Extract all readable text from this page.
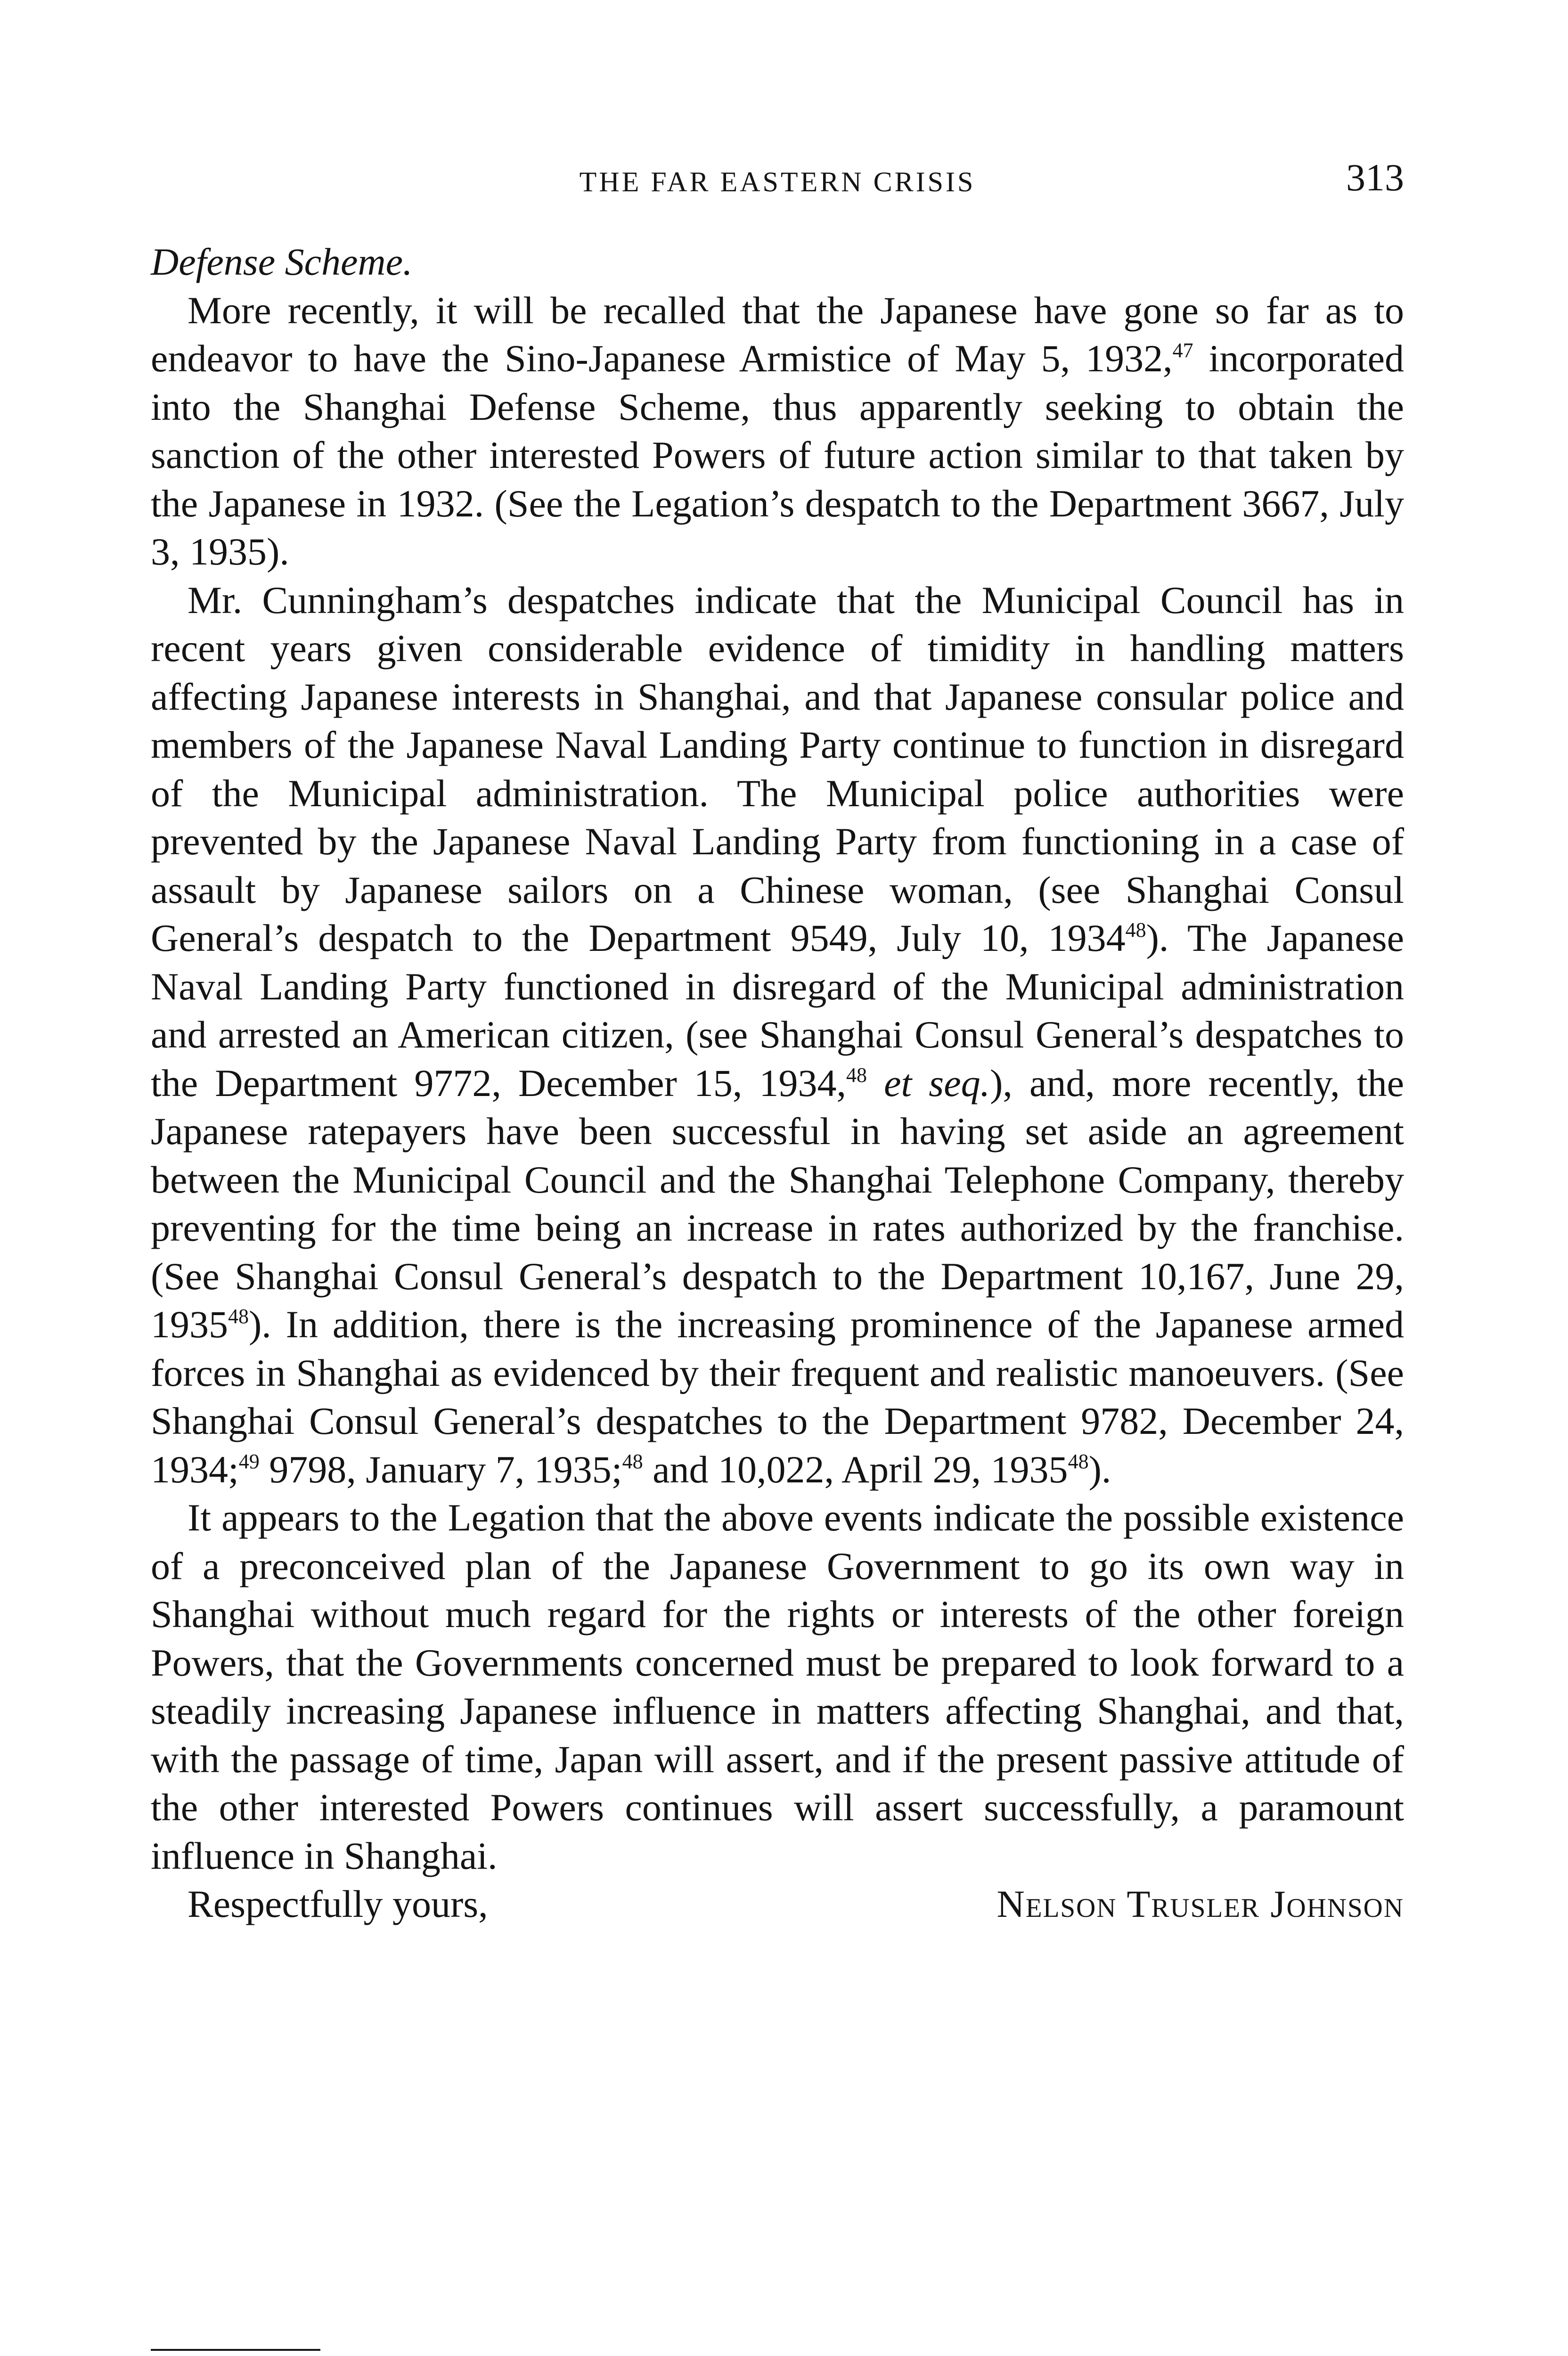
THE FAR EASTERN CRISIS	313

Defense Scheme.

More recently, it will be recalled that the Japanese have gone so far as to endeavor to have the Sino-Japanese Armistice of May 5, 1932,47 incorporated into the Shanghai Defense Scheme, thus apparently seeking to obtain the sanction of the other interested Powers of future action similar to that taken by the Japanese in 1932. (See the Legation’s despatch to the Department 3667, July 3, 1935).

Mr. Cunningham’s despatches indicate that the Municipal Council has in recent years given considerable evidence of timidity in handling matters affecting Japanese interests in Shanghai, and that Japanese consular police and members of the Japanese Naval Landing Party continue to function in disregard of the Municipal administration. The Municipal police authorities were prevented by the Japanese Naval Landing Party from functioning in a case of assault by Japanese sailors on a Chinese woman, (see Shanghai Consul General’s despatch to the Department 9549, July 10, 1934$^{48}$). The Japanese Naval Landing Party functioned in disregard of the Municipal administration and arrested an American citizen, (see Shanghai Consul General’s despatches to the Department 9772, December 15, 1934,48 et seq.), and, more recently, the Japanese ratepayers have been successful in having set aside an agreement between the Municipal Council and the Shanghai Telephone Company, thereby preventing for the time being an increase in rates authorized by the franchise. (See Shanghai Consul General’s despatch to the Department 10,167, June 29, 1935$^{48}$). In addition, there is the increasing prominence of the Japanese armed forces in Shanghai as evidenced by their frequent and realistic manoeuvers. (See Shanghai Consul General’s despatches to the Department 9782, December 24, 1934;$^{49}$ 9798, January 7, 1935;$^{48}$ and 10,022, April 29, 1935$^{48}$).

It appears to the Legation that the above events indicate the possible existence of a preconceived plan of the Japanese Government to go its own way in Shanghai without much regard for the rights or interests of the other foreign Powers, that the Governments concerned must be prepared to look forward to a steadily increasing Japanese influence in matters affecting Shanghai, and that, with the passage of time, Japan will assert, and if the present passive attitude of the other interested Powers continues will assert successfully, a paramount influence in Shanghai.

Respectfully yours,	Nelson Trusler Johnson
